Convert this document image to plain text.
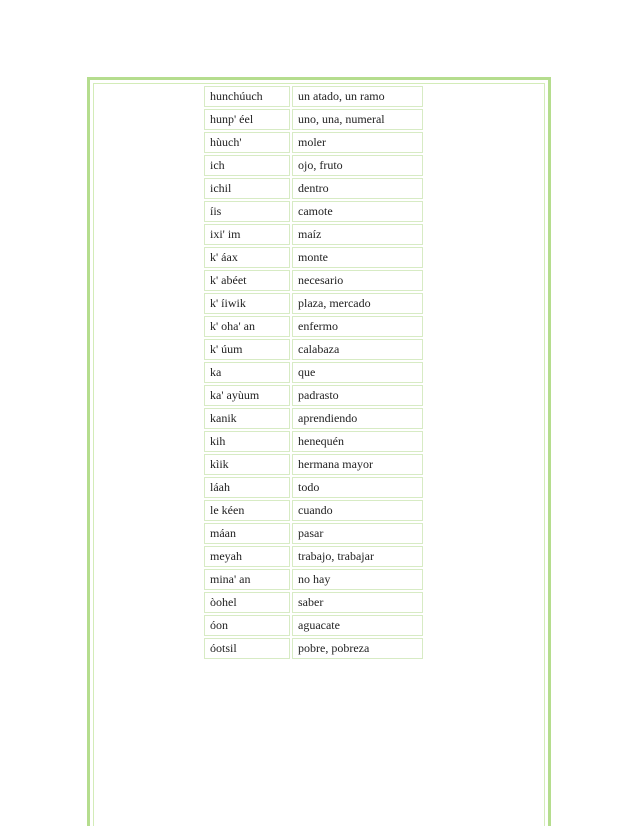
hunchúuch	un atado, un ramo
hunp' éel	uno, una, numeral
hùuch'	moler
ich	ojo, fruto
ichil	dentro
íis	camote
ixi' im	maíz
k' áax	monte
k' abéet	necesario
k' íiwik	plaza, mercado
k' oha' an	enfermo
k' úum	calabaza
ka	que
ka' ayùum	padrasto
kanik	aprendiendo
kih	henequén
kìik	hermana mayor
láah	todo
le kéen	cuando
máan	pasar
meyah	trabajo, trabajar
mina' an	no hay
òohel	saber
óon	aguacate
óotsil	pobre, pobreza
